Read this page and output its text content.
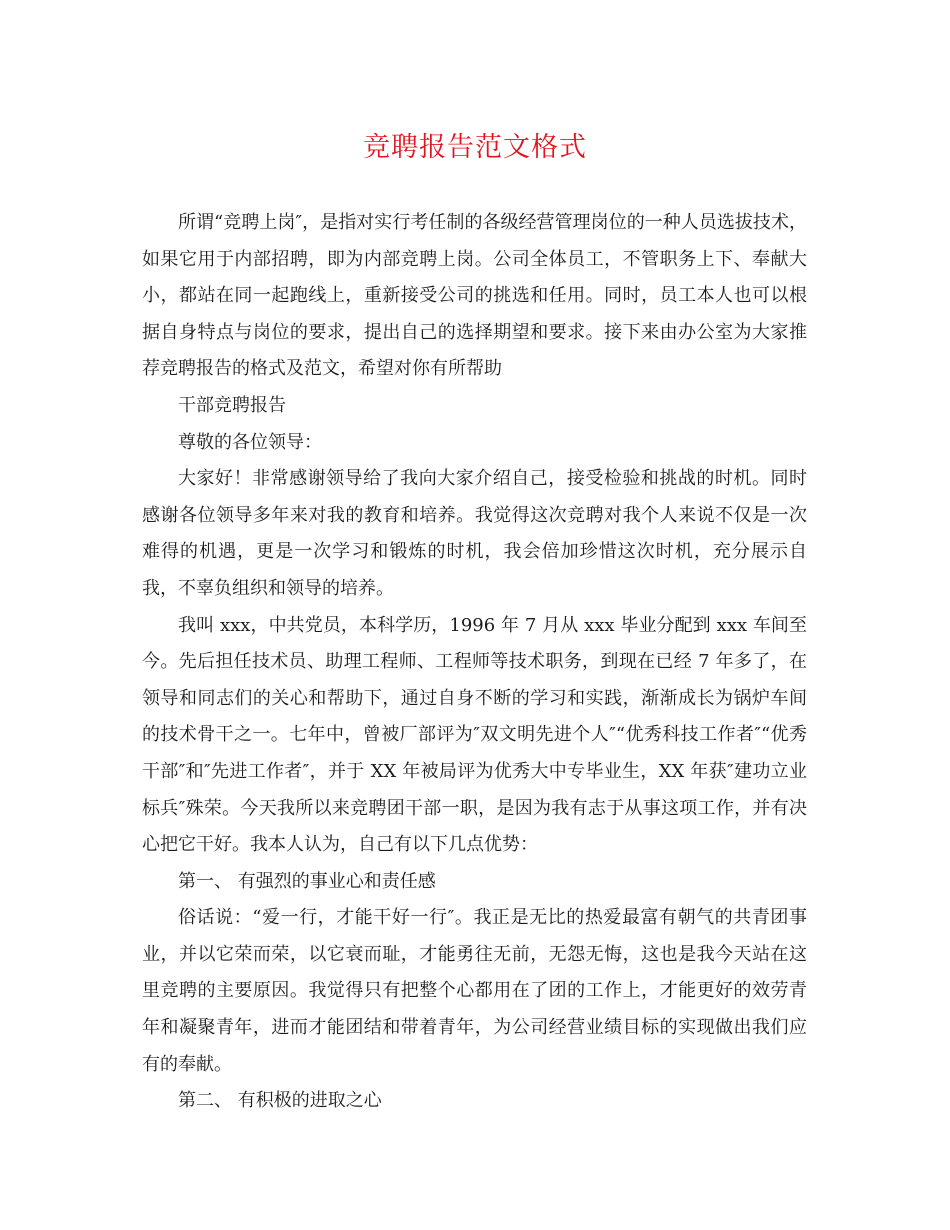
竞聘报告范文格式

所谓“竞聘上岗″，是指对实行考任制的各级经营管理岗位的一种人员选拔技术，如果它用于内部招聘，即为内部竞聘上岗。公司全体员工，不管职务上下、奉献大小，都站在同一起跑线上，重新接受公司的挑选和任用。同时，员工本人也可以根据自身特点与岗位的要求，提出自己的选择期望和要求。接下来由办公室为大家推荐竞聘报告的格式及范文，希望对你有所帮助

干部竞聘报告

尊敬的各位领导：

大家好！非常感谢领导给了我向大家介绍自己，接受检验和挑战的时机。同时感谢各位领导多年来对我的教育和培养。我觉得这次竞聘对我个人来说不仅是一次难得的机遇，更是一次学习和锻炼的时机，我会倍加珍惜这次时机，充分展示自我，不辜负组织和领导的培养。

我叫 xxx，中共党员，本科学历，1996 年 7 月从 xxx 毕业分配到 xxx 车间至今。先后担任技术员、助理工程师、工程师等技术职务，到现在已经 7 年多了，在领导和同志们的关心和帮助下，通过自身不断的学习和实践，渐渐成长为锅炉车间的技术骨干之一。七年中，曾被厂部评为″双文明先进个人″“优秀科技工作者″“优秀干部″和″先进工作者″，并于 XX 年被局评为优秀大中专毕业生，XX 年获″建功立业标兵″殊荣。今天我所以来竞聘团干部一职，是因为我有志于从事这项工作，并有决心把它干好。我本人认为，自己有以下几点优势：

第一、 有强烈的事业心和责任感

俗话说：“爱一行，才能干好一行″。我正是无比的热爱最富有朝气的共青团事业，并以它荣而荣，以它衰而耻，才能勇往无前，无怨无悔，这也是我今天站在这里竞聘的主要原因。我觉得只有把整个心都用在了团的工作上，才能更好的效劳青年和凝聚青年，进而才能团结和带着青年，为公司经营业绩目标的实现做出我们应有的奉献。

第二、 有积极的进取之心
